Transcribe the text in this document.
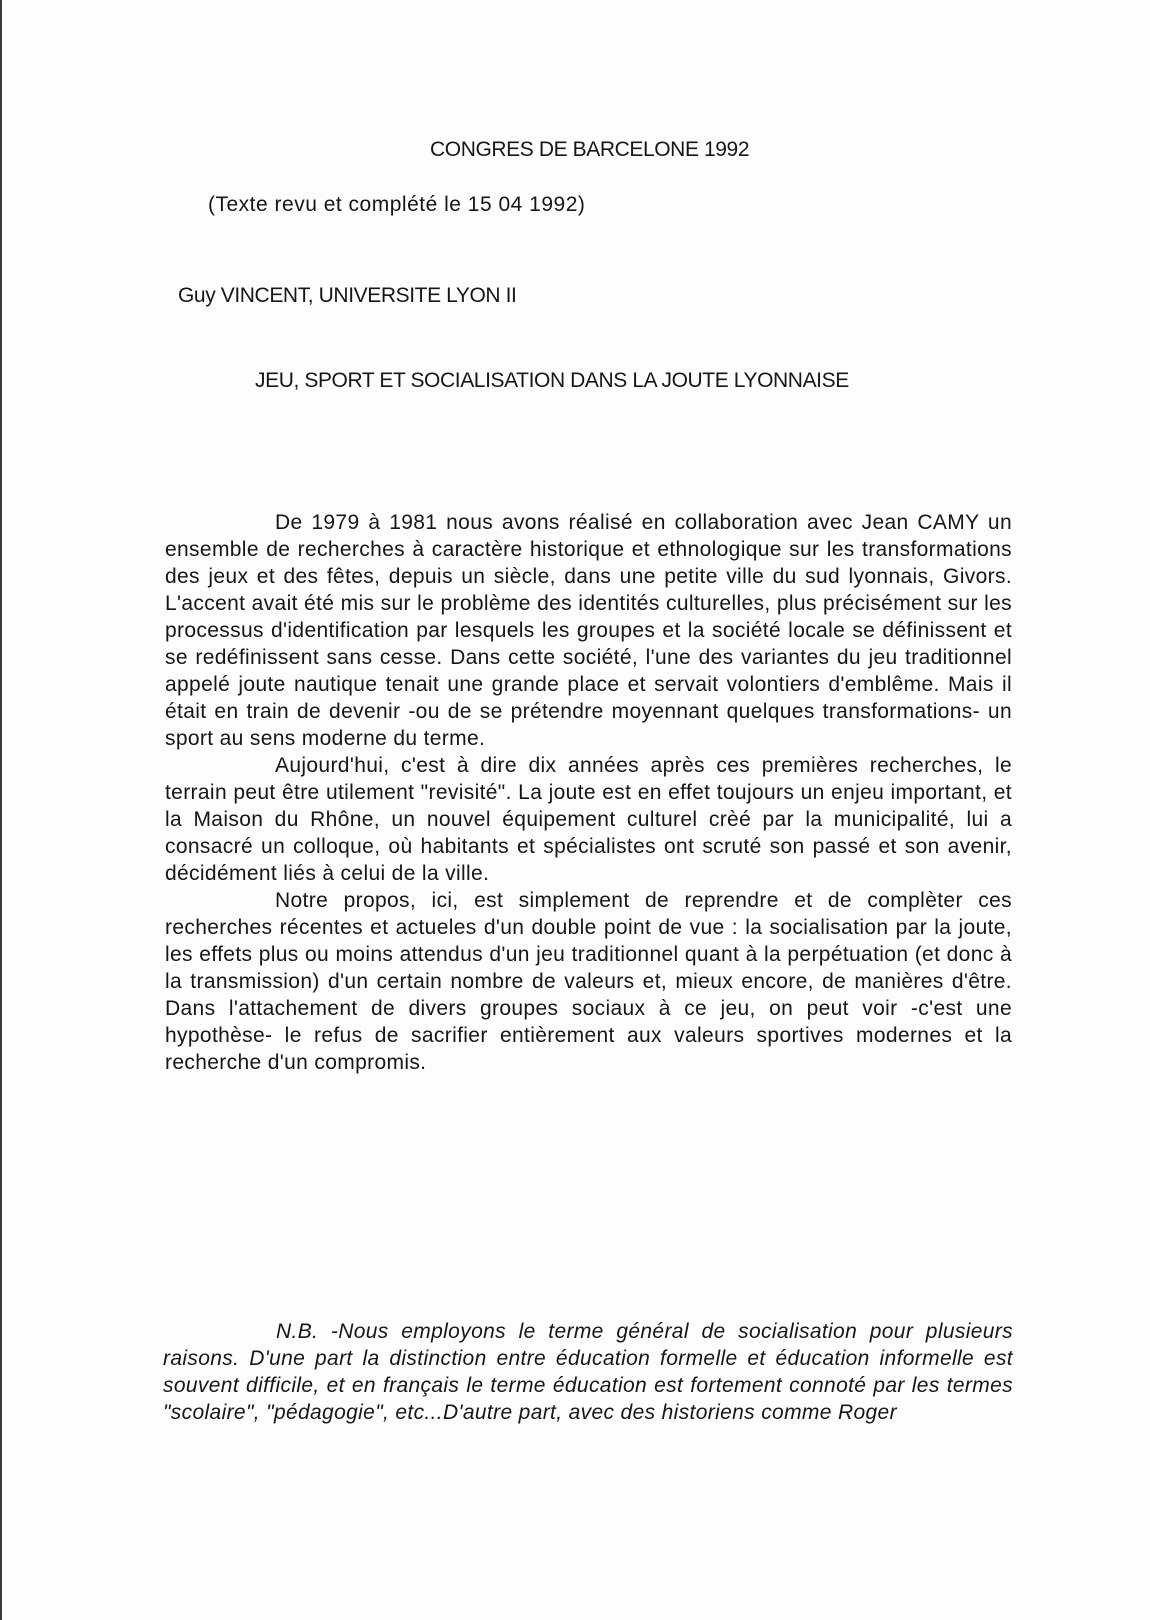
CONGRES DE BARCELONE 1992
(Texte revu et complété le 15 04 1992)
Guy VINCENT, UNIVERSITE LYON II
JEU, SPORT ET SOCIALISATION DANS LA JOUTE LYONNAISE

De 1979 à 1981 nous avons réalisé en collaboration avec Jean CAMY un ensemble de recherches à caractère historique et ethnologique sur les transformations des jeux et des fêtes, depuis un siècle, dans une petite ville du sud lyonnais, Givors. L'accent avait été mis sur le problème des identités culturelles, plus précisément sur les processus d'identification par lesquels les groupes et la société locale se définissent et se redéfinissent sans cesse. Dans cette société, l'une des variantes du jeu traditionnel appelé joute nautique tenait une grande place et servait volontiers d'emblême. Mais il était en train de devenir -ou de se prétendre moyennant quelques transformations- un sport au sens moderne du terme.

Aujourd'hui, c'est à dire dix années après ces premières recherches, le terrain peut être utilement "revisité". La joute est en effet toujours un enjeu important, et la Maison du Rhône, un nouvel équipement culturel crèé par la municipalité, lui a consacré un colloque, où habitants et spécialistes ont scruté son passé et son avenir, décidément liés à celui de la ville.

Notre propos, ici, est simplement de reprendre et de complèter ces recherches récentes et actueles d'un double point de vue : la socialisation par la joute, les effets plus ou moins attendus d'un jeu traditionnel quant à la perpétuation (et donc à la transmission) d'un certain nombre de valeurs et, mieux encore, de manières d'être. Dans l'attachement de divers groupes sociaux à ce jeu, on peut voir -c'est une hypothèse- le refus de sacrifier entièrement aux valeurs sportives modernes et la recherche d'un compromis.

N.B. -Nous employons le terme général de socialisation pour plusieurs raisons. D'une part la distinction entre éducation formelle et éducation informelle est souvent difficile, et en français le terme éducation est fortement connoté par les termes "scolaire", "pédagogie", etc...D'autre part, avec des historiens comme Roger
